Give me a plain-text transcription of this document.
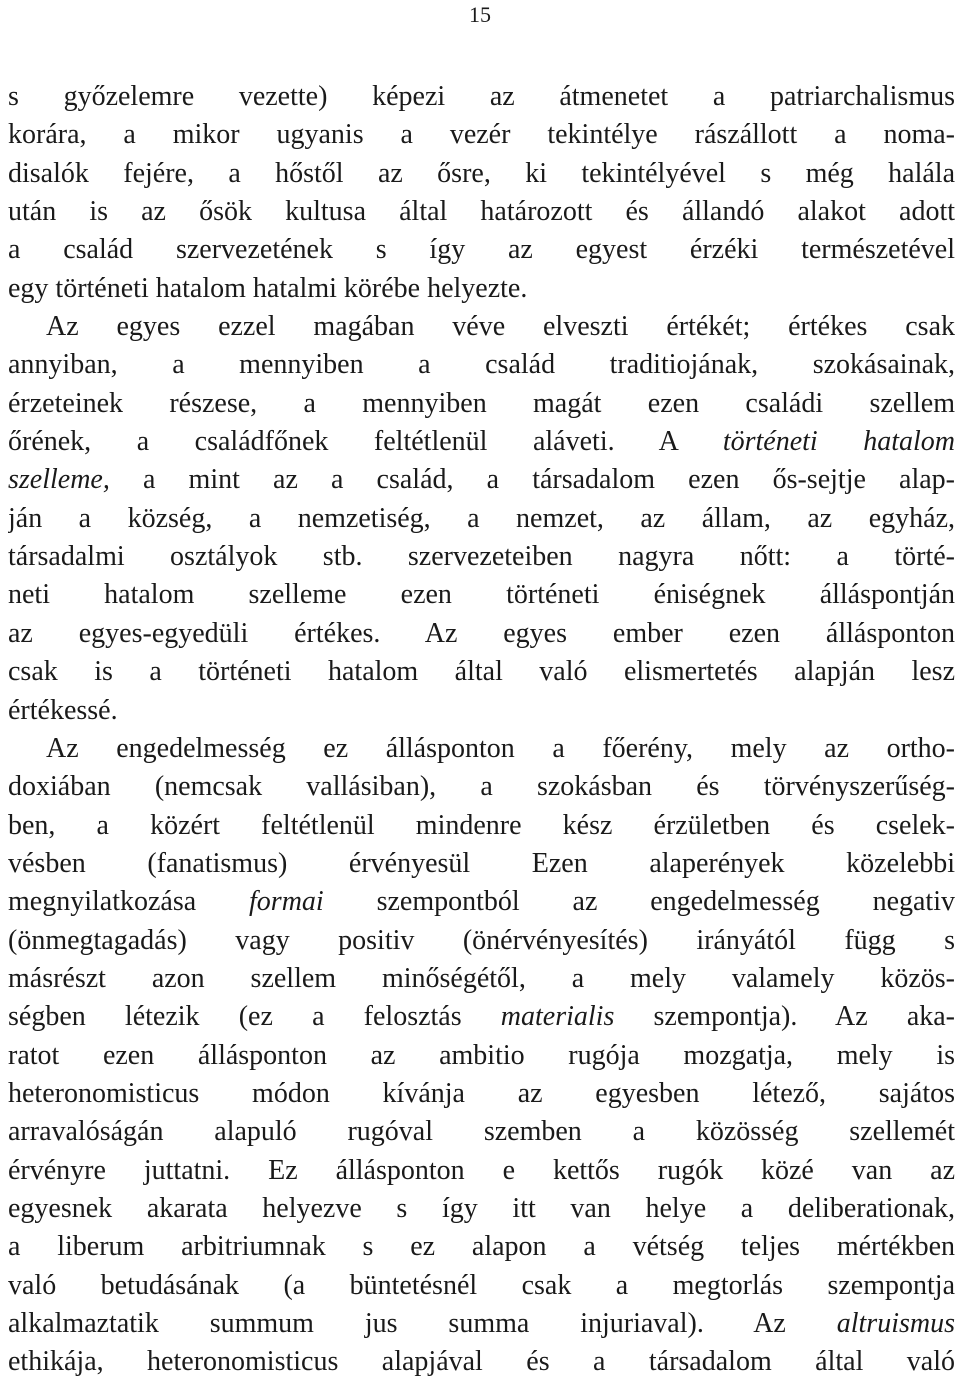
15
s győzelemre vezette) képezi az átmenetet a patriarchalismus
korára, a mikor ugyanis a vezér tekintélye rászállott a noma-
disalók fejére, a hőstől az ősre, ki tekintélyével s még halála
után is az ősök kultusa által határozott és állandó alakot adott
a család szervezetének s így az egyest érzéki természetével
egy történeti hatalom hatalmi körébe helyezte.
Az egyes ezzel magában véve elveszti értékét; értékes csak
annyiban, a mennyiben a család traditiojának, szokásainak,
érzeteinek részese, a mennyiben magát ezen családi szellem
őrének, a családfőnek feltétlenül aláveti. A történeti hatalom
szelleme, a mint az a család, a társadalom ezen ős-sejtje alap-
ján a község, a nemzetiség, a nemzet, az állam, az egyház,
társadalmi osztályok stb. szervezeteiben nagyra nőtt: a törté-
neti hatalom szelleme ezen történeti éniségnek álláspontján
az egyes-egyedüli értékes. Az egyes ember ezen állásponton
csak is a történeti hatalom által való elismertetés alapján lesz
értékessé.
Az engedelmesség ez állásponton a főerény, mely az ortho-
doxiában (nemcsak vallásiban), a szokásban és törvényszerűség-
ben, a közért feltétlenül mindenre kész érzületben és cselek-
vésben (fanatismus) érvényesül Ezen alaperények közelebbi
megnyilatkozása formai szempontból az engedelmesség negativ
(önmegtagadás) vagy positiv (önérvényesítés) irányától függ s
másrészt azon szellem minőségétől, a mely valamely közös-
ségben létezik (ez a felosztás materialis szempontja). Az aka-
ratot ezen állásponton az ambitio rugója mozgatja, mely is
heteronomisticus módon kívánja az egyesben létező, sajátos
arravalóságán alapuló rugóval szemben a közösség szellemét
érvényre juttatni. Ez állásponton e kettős rugók közé van az
egyesnek akarata helyezve s így itt van helye a deliberationak,
a liberum arbitriumnak s ez alapon a vétség teljes mértékben
való betudásának (a büntetésnél csak a megtorlás szempontja
alkalmaztatik summum jus summa injuriaval). Az altruismus
ethikája, heteronomisticus alapjával és a társadalom által való
